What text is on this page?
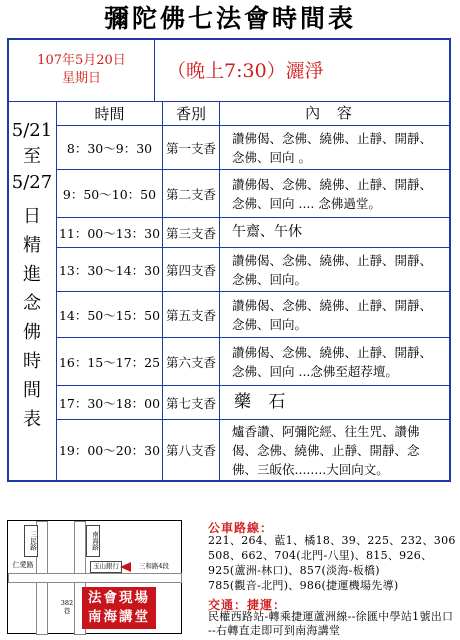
彌陀佛七法會時間表
107年5月20日
星期日	（晚上7:30）灑淨
5/21
至
5/27
日
精
進
念
佛
時
間
表
時間	香別	內 容
8：30～9：30	第一支香
讚佛偈、念佛、繞佛、止靜、開靜、念佛、回向 。
9：50～10：50 第二支香
讚佛偈、念佛、繞佛、止靜、開靜、念佛、回向 .... 念佛過堂。
11：00～13：30 第三支香	午齋、午休
13：30～14：30 第四支香
讚佛偈、念佛、繞佛、止靜、開靜、念佛、回向。
14：50～15：50 第五支香
讚佛偈、念佛、繞佛、止靜、開靜、念佛、回向。
16：15～17：25 第六支香
讚佛偈、念佛、繞佛、止靜、開靜、念佛、回向 ...念佛至超荐壇。
17：30～18：00 第七支香	藥 石
19：00～20：30 第八支香
爐香讚、阿彌陀經、往生咒、讚佛偈、念佛、繞佛、止靜、開靜、念佛、三皈依........大回向文。
三民路	南海路
仁愛路	玉山銀行	三和路4段
382巷
法會現場
南海講堂
公車路線：
221、264、藍1、橘18、39、225、232、306
508、662、704(北門-八里)、815、926、
925(蘆洲-林口)、857(淡海-板橋)
785(觀音-北門)、986(捷運機場先導)
交通：捷運：
民權西路站-轉乘捷運蘆洲線--徐匯中學站1號出口
--右轉直走即可到南海講堂
